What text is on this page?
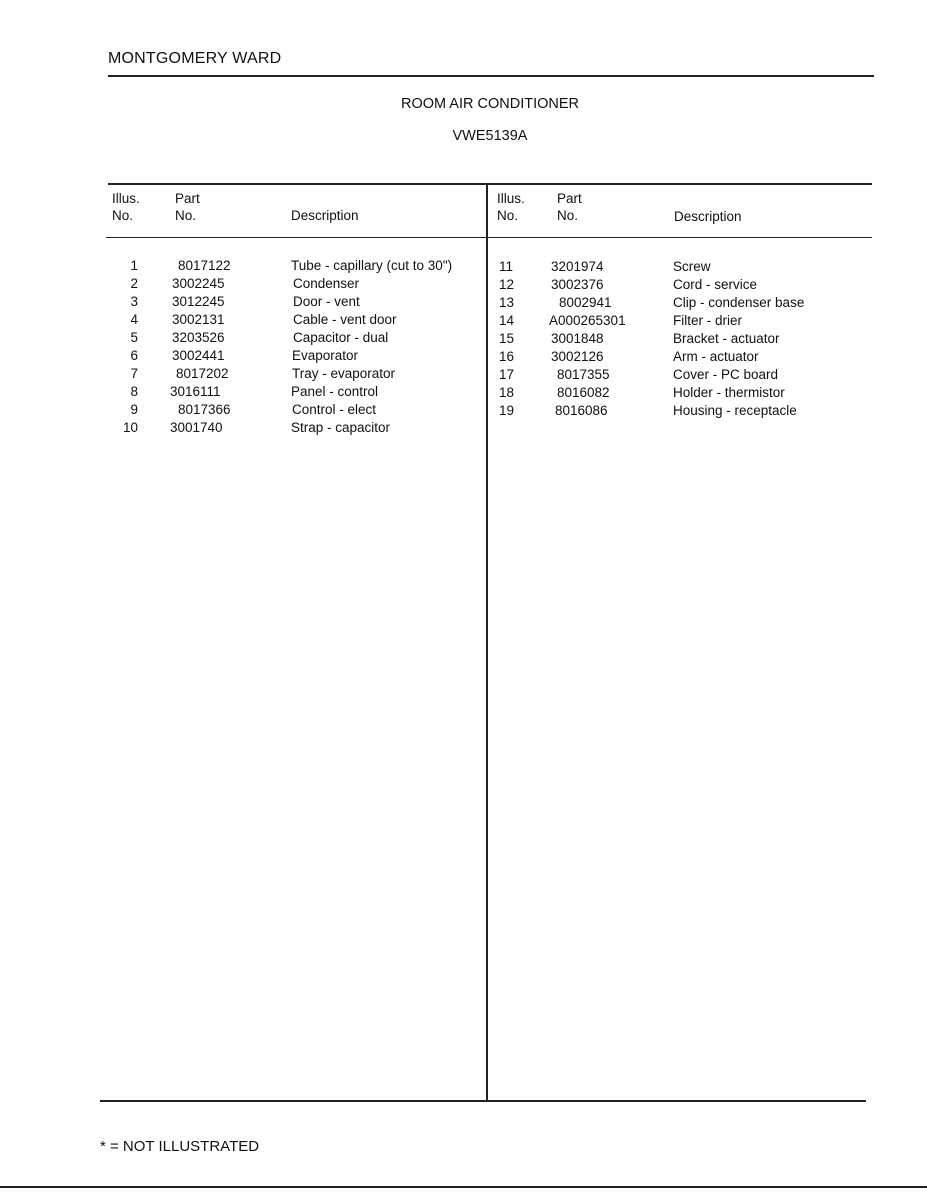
MONTGOMERY WARD
ROOM AIR CONDITIONER
VWE5139A
Illus.
No.
Part
No.	Description
Illus.
No.
Part
No.	Description
1	8017122	Tube - capillary (cut to 30")
2	3002245	Condenser
3	3012245	Door - vent
4	3002131	Cable - vent door
5	3203526	Capacitor - dual
6	3002441	Evaporator
7	8017202	Tray - evaporator
8 3016111	Panel - control
9	8017366	Control - elect
10 3001740	Strap - capacitor
11	3201974	Screw
12	3002376	Cord - service
13	8002941	Clip - condenser base
14	A000265301	Filter - drier
15	3001848	Bracket - actuator
16	3002126	Arm - actuator
17	8017355	Cover - PC board
18	8016082	Holder - thermistor
19	8016086	Housing - receptacle
* = NOT ILLUSTRATED
